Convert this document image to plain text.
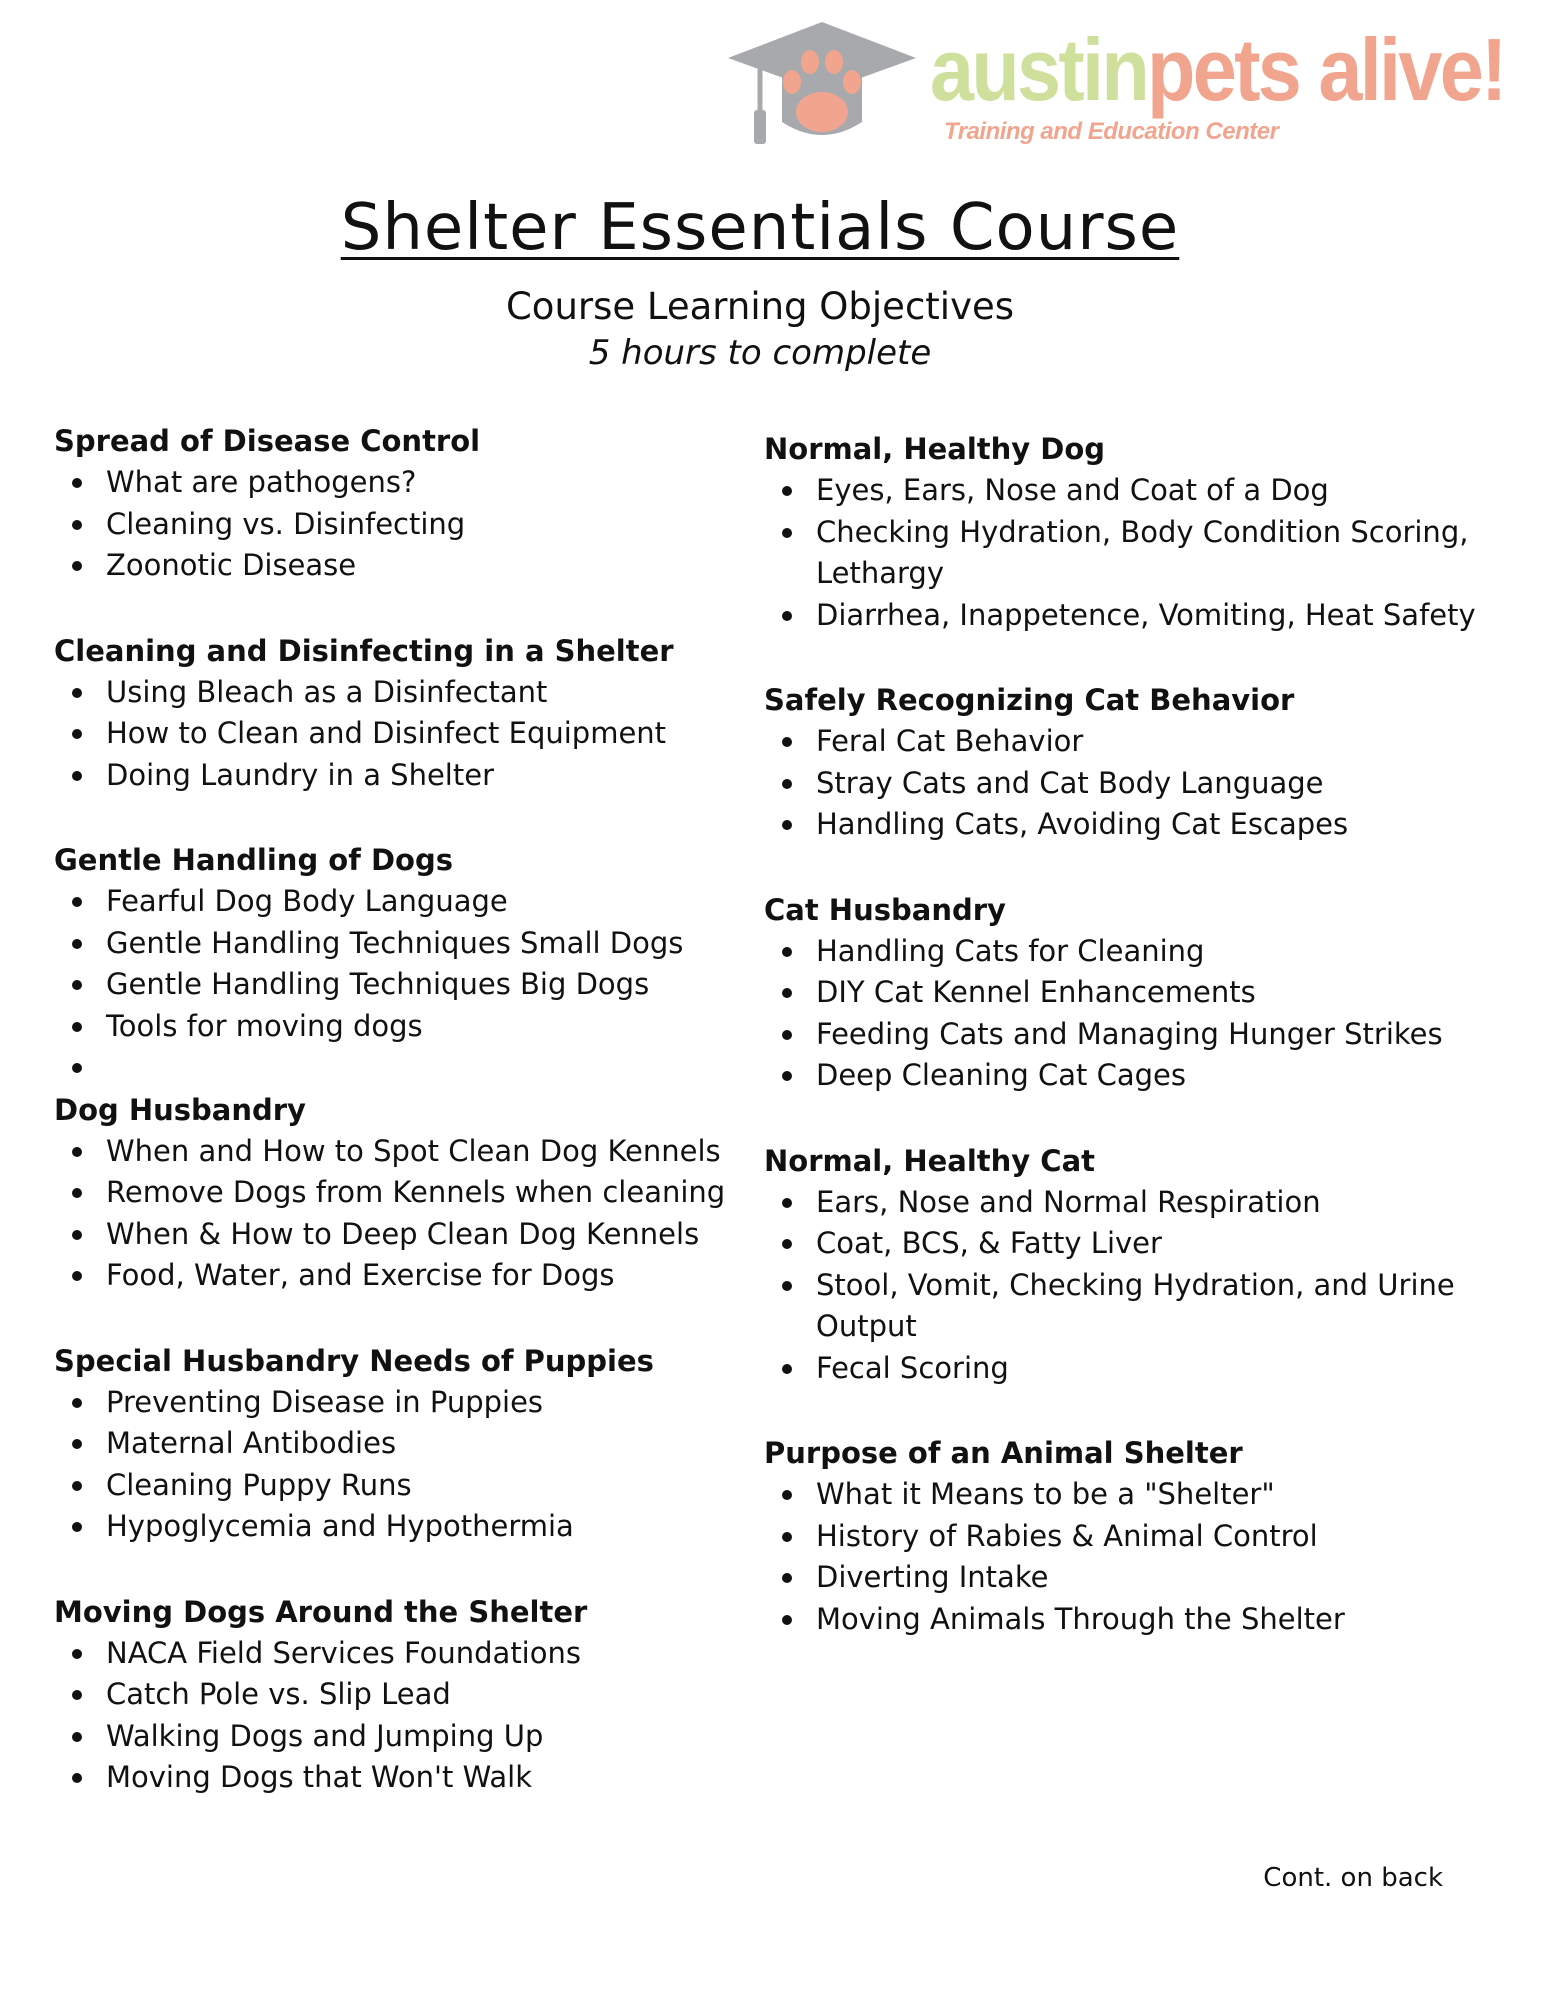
austinpets alive!
Training and Education Center
Shelter Essentials Course
Course Learning Objectives
5 hours to complete
Spread of Disease Control
What are pathogens?
Cleaning vs. Disinfecting
Zoonotic Disease
Cleaning and Disinfecting in a Shelter
Using Bleach as a Disinfectant
How to Clean and Disinfect Equipment
Doing Laundry in a Shelter
Gentle Handling of Dogs
Fearful Dog Body Language
Gentle Handling Techniques Small Dogs
Gentle Handling Techniques Big Dogs
Tools for moving dogs
Dog Husbandry
When and How to Spot Clean Dog Kennels
Remove Dogs from Kennels when cleaning
When & How to Deep Clean Dog Kennels
Food, Water, and Exercise for Dogs
Special Husbandry Needs of Puppies
Preventing Disease in Puppies
Maternal Antibodies
Cleaning Puppy Runs
Hypoglycemia and Hypothermia
Moving Dogs Around the Shelter
NACA Field Services Foundations
Catch Pole vs. Slip Lead
Walking Dogs and Jumping Up
Moving Dogs that Won't Walk
Normal, Healthy Dog
Eyes, Ears, Nose and Coat of a Dog
Checking Hydration, Body Condition Scoring, Lethargy
Diarrhea, Inappetence, Vomiting, Heat Safety
Safely Recognizing Cat Behavior
Feral Cat Behavior
Stray Cats and Cat Body Language
Handling Cats, Avoiding Cat Escapes
Cat Husbandry
Handling Cats for Cleaning
DIY Cat Kennel Enhancements
Feeding Cats and Managing Hunger Strikes
Deep Cleaning Cat Cages
Normal, Healthy Cat
Ears, Nose and Normal Respiration
Coat, BCS, & Fatty Liver
Stool, Vomit, Checking Hydration, and Urine Output
Fecal Scoring
Purpose of an Animal Shelter
What it Means to be a "Shelter"
History of Rabies & Animal Control
Diverting Intake
Moving Animals Through the Shelter
Cont. on back
